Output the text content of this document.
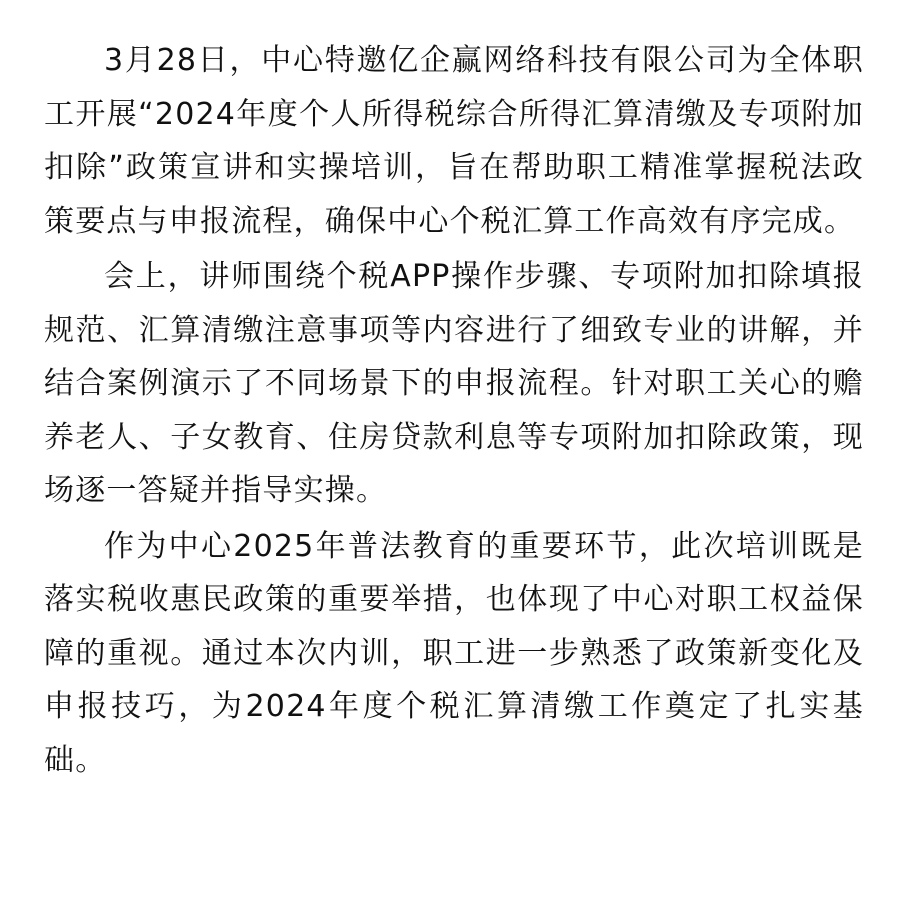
3月28日，中心特邀亿企赢网络科技有限公司为全体职工开展“2024年度个人所得税综合所得汇算清缴及专项附加扣除”政策宣讲和实操培训，旨在帮助职工精准掌握税法政策要点与申报流程，确保中心个税汇算工作高效有序完成。

会上，讲师围绕个税APP操作步骤、专项附加扣除填报规范、汇算清缴注意事项等内容进行了细致专业的讲解，并结合案例演示了不同场景下的申报流程。针对职工关心的赡养老人、子女教育、住房贷款利息等专项附加扣除政策，现场逐一答疑并指导实操。

作为中心2025年普法教育的重要环节，此次培训既是落实税收惠民政策的重要举措，也体现了中心对职工权益保障的重视。通过本次内训，职工进一步熟悉了政策新变化及申报技巧，为2024年度个税汇算清缴工作奠定了扎实基础。
